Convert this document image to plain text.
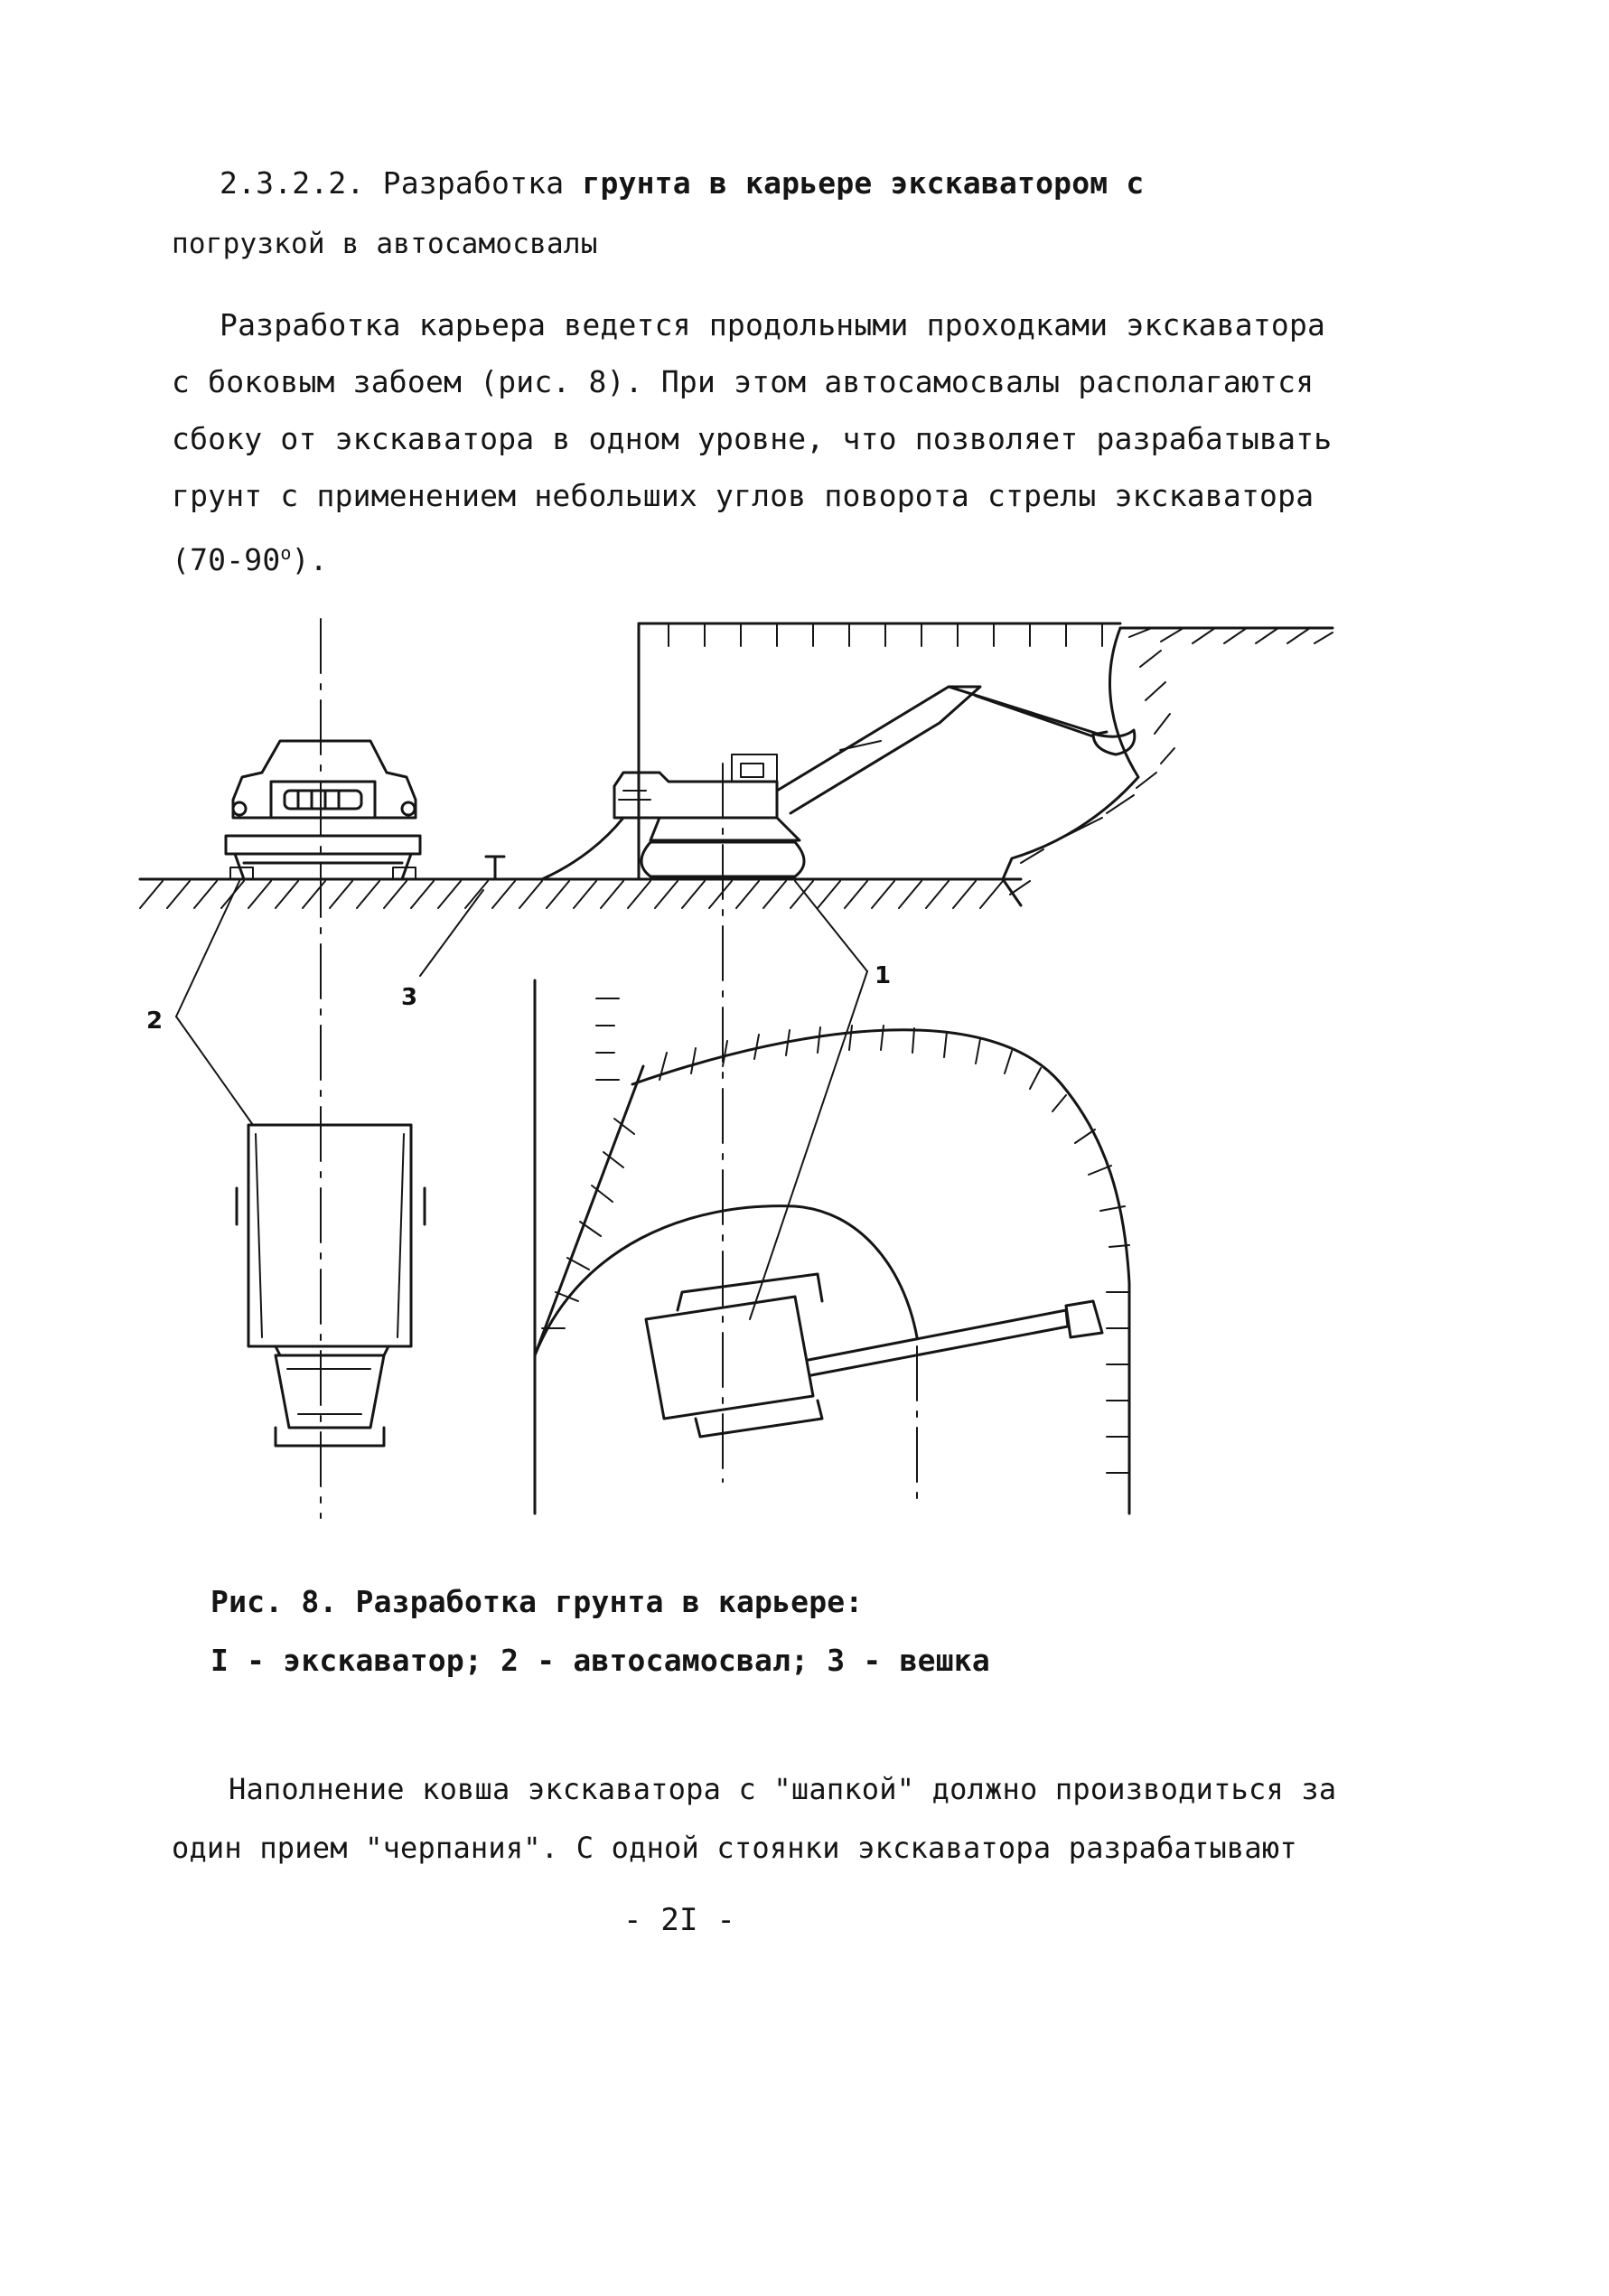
2.3.2.2. Разработка грунта в карьере экскаватором с
погрузкой в автосамосвалы
Разработка карьера ведется продольными проходками экскаватора
с боковым забоем (рис. 8). При этом автосамосвалы располагаются
сбоку от экскаватора в одном уровне, что позволяет разрабатывать
грунт с применением небольших углов поворота стрелы экскаватора
$(70-90^о)$.
2
3
1
Рис. 8. Разработка грунта в карьере:
I - экскаватор; 2 - автосамосвал; 3 - вешка
Наполнение ковша экскаватора с "шапкой" должно производиться за
один прием "черпания". С одной стоянки экскаватора разрабатывают
- 2I -
